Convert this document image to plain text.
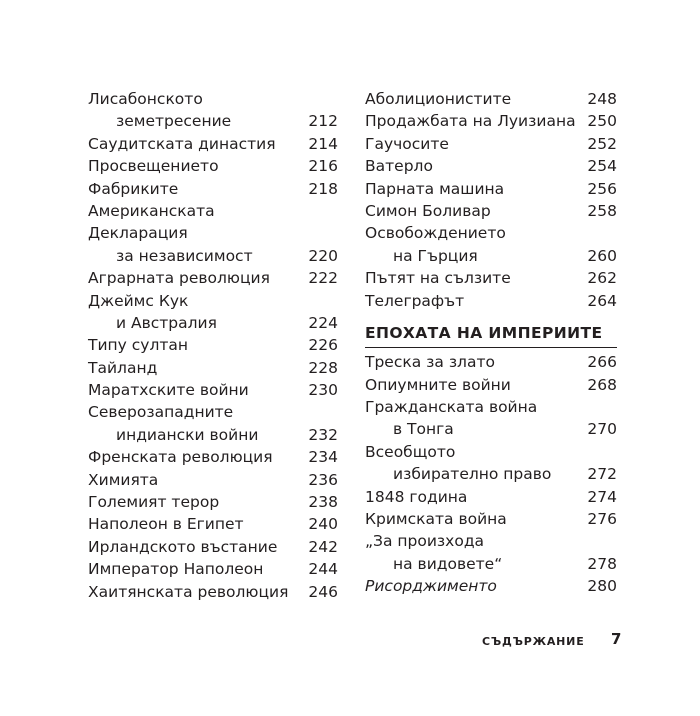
Лисабонското
земетресение	212
Саудитската династия 214
Просвещението	216
Фабриките	218
Американската
Декларация
за независимост	220
Аграрната революция 222
Джеймс Кук
и Австралия	224
Типу султан	226
Тайланд	228
Маратхските войни	230
Северозападните
индиански войни	232
Френската революция 234
Химията	236
Големият терор	238
Наполеон в Египет	240
Ирландското въстание 242
Император Наполеон	244
Хаитянската революция 246
Аболиционистите	248
Продажбата на Луизиана 250
Гаучосите	252
Ватерло	254
Парната машина	256
Симон Боливар	258
Освобождението
на Гърция	260
Пътят на сълзите	262
Телеграфът	264
ЕПОХАТА НА ИМПЕРИИТЕ
Треска за злато	266
Опиумните войни	268
Гражданската война
в Тонга	270
Всеобщото
избирателно право 272
1848 година	274
Кримската война	276
„За произхода
на видовете“	278
Рисорджименто	280
СЪДЪРЖАНИЕ 7
